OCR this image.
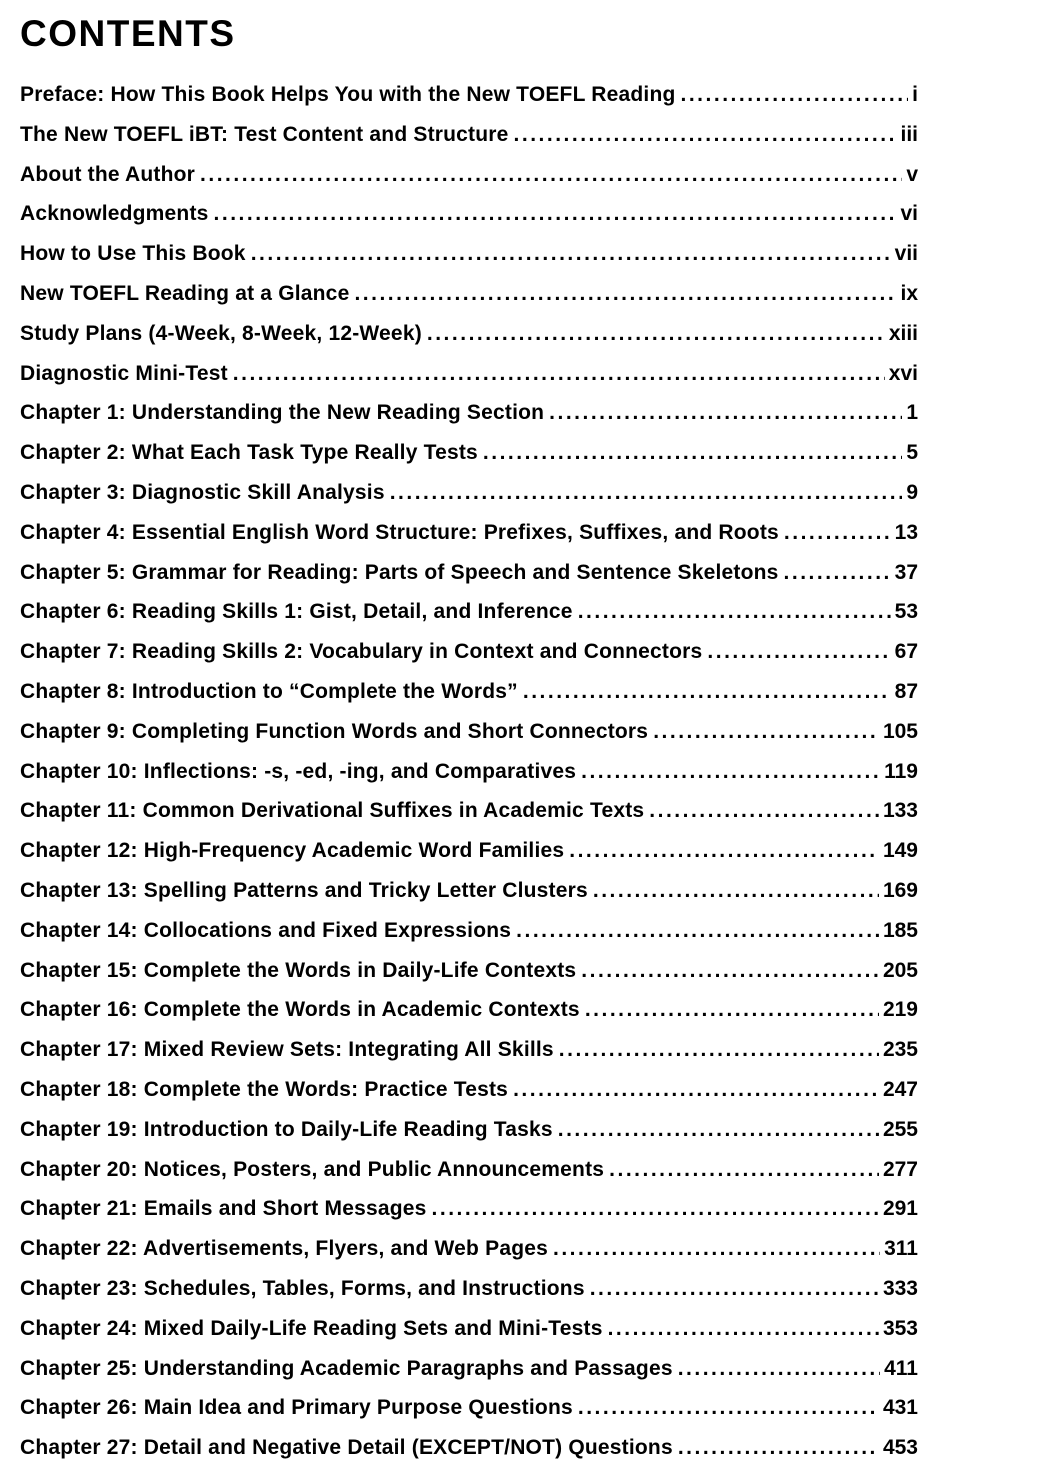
CONTENTS
Preface: How This Book Helps You with the New TOEFL Reading .....	i
The New TOEFL iBT: Test Content and Structure .....	iii
About the Author .....	v
Acknowledgments .....	vi
How to Use This Book .....	vii
New TOEFL Reading at a Glance .....	ix
Study Plans (4-Week, 8-Week, 12-Week) .....	xiii
Diagnostic Mini-Test .....	xvi
Chapter 1: Understanding the New Reading Section .....	1
Chapter 2: What Each Task Type Really Tests .....	5
Chapter 3: Diagnostic Skill Analysis .....	9
Chapter 4: Essential English Word Structure: Prefixes, Suffixes, and Roots .....	13
Chapter 5: Grammar for Reading: Parts of Speech and Sentence Skeletons .....	37
Chapter 6: Reading Skills 1: Gist, Detail, and Inference .....	53
Chapter 7: Reading Skills 2: Vocabulary in Context and Connectors .....	67
Chapter 8: Introduction to “Complete the Words” .....	87
Chapter 9: Completing Function Words and Short Connectors .....	105
Chapter 10: Inflections: -s, -ed, -ing, and Comparatives .....	119
Chapter 11: Common Derivational Suffixes in Academic Texts .....	133
Chapter 12: High-Frequency Academic Word Families .....	149
Chapter 13: Spelling Patterns and Tricky Letter Clusters .....	169
Chapter 14: Collocations and Fixed Expressions .....	185
Chapter 15: Complete the Words in Daily-Life Contexts .....	205
Chapter 16: Complete the Words in Academic Contexts .....	219
Chapter 17: Mixed Review Sets: Integrating All Skills .....	235
Chapter 18: Complete the Words: Practice Tests .....	247
Chapter 19: Introduction to Daily-Life Reading Tasks .....	255
Chapter 20: Notices, Posters, and Public Announcements .....	277
Chapter 21: Emails and Short Messages .....	291
Chapter 22: Advertisements, Flyers, and Web Pages .....	311
Chapter 23: Schedules, Tables, Forms, and Instructions .....	333
Chapter 24: Mixed Daily-Life Reading Sets and Mini-Tests .....	353
Chapter 25: Understanding Academic Paragraphs and Passages .....	411
Chapter 26: Main Idea and Primary Purpose Questions .....	431
Chapter 27: Detail and Negative Detail (EXCEPT/NOT) Questions .....	453
